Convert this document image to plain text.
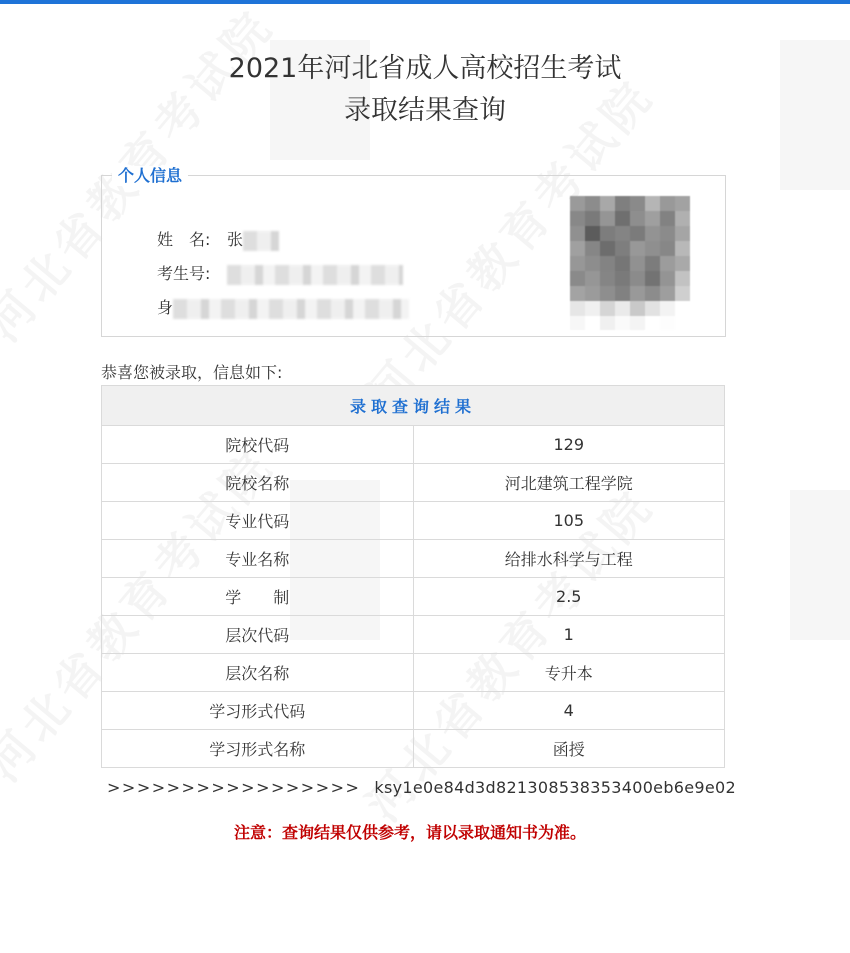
2021年河北省成人高校招生考试
录取结果查询
个人信息
姓　名: 张
考生号:
身
恭喜您被录取，信息如下:
录取查询结果	
院校代码	129
院校名称	河北建筑工程学院
专业代码	105
专业名称	给排水科学与工程
学　　制	2.5
层次代码	1
层次名称	专升本
学习形式代码	4
学习形式名称	函授
>>>>>>>>>>>>>>>>> ksy1e0e84d3d821308538353400eb6e9e02
注意：查询结果仅供参考，请以录取通知书为准。
